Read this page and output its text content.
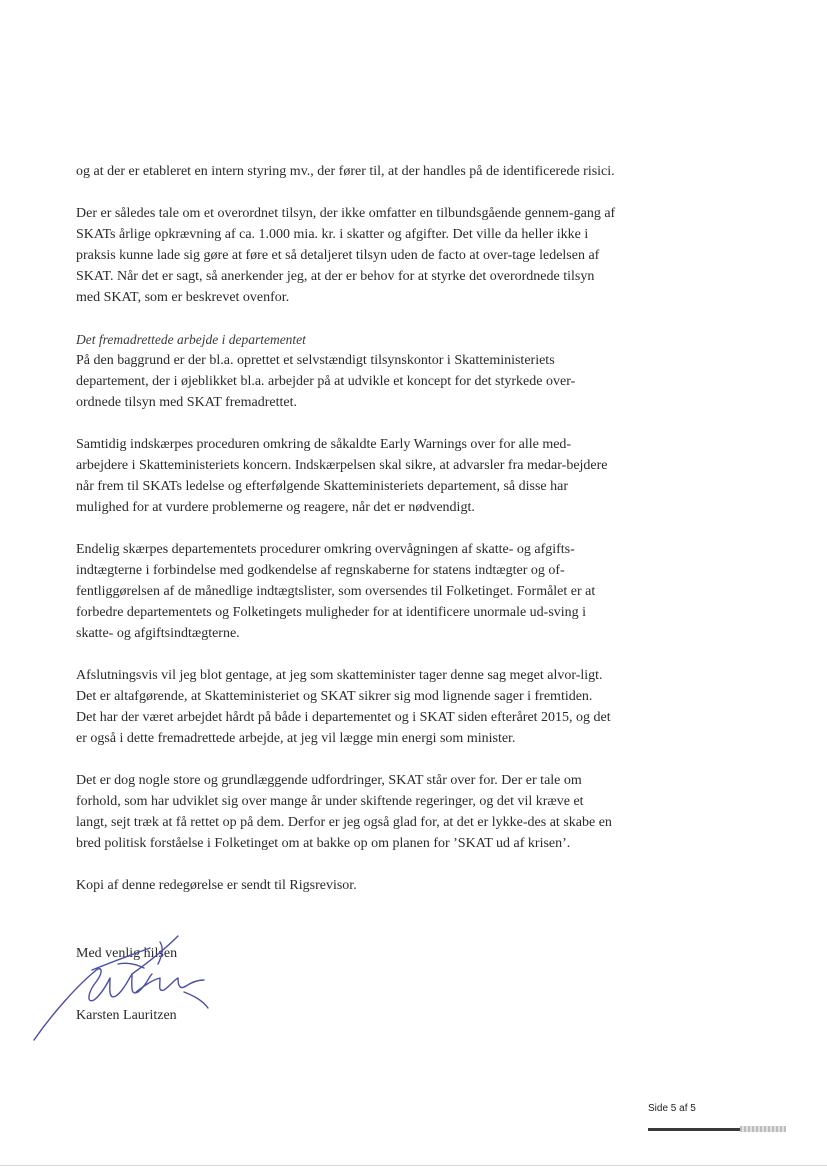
og at der er etableret en intern styring mv., der fører til, at der handles på de identificerede risici.

Der er således tale om et overordnet tilsyn, der ikke omfatter en tilbundsgående gennem-gang af SKATs årlige opkrævning af ca. 1.000 mia. kr. i skatter og afgifter. Det ville da heller ikke i praksis kunne lade sig gøre at føre et så detaljeret tilsyn uden de facto at over-tage ledelsen af SKAT. Når det er sagt, så anerkender jeg, at der er behov for at styrke det overordnede tilsyn med SKAT, som er beskrevet ovenfor.

Det fremadrettede arbejde i departementet

På den baggrund er der bl.a. oprettet et selvstændigt tilsynskontor i Skatteministeriets departement, der i øjeblikket bl.a. arbejder på at udvikle et koncept for det styrkede over-ordnede tilsyn med SKAT fremadrettet.

Samtidig indskærpes proceduren omkring de såkaldte Early Warnings over for alle med-arbejdere i Skatteministeriets koncern. Indskærpelsen skal sikre, at advarsler fra medar-bejdere når frem til SKATs ledelse og efterfølgende Skatteministeriets departement, så disse har mulighed for at vurdere problemerne og reagere, når det er nødvendigt.

Endelig skærpes departementets procedurer omkring overvågningen af skatte- og afgifts-indtægterne i forbindelse med godkendelse af regnskaberne for statens indtægter og of-fentliggørelsen af de månedlige indtægtslister, som oversendes til Folketinget. Formålet er at forbedre departementets og Folketingets muligheder for at identificere unormale ud-sving i skatte- og afgiftsindtægterne.

Afslutningsvis vil jeg blot gentage, at jeg som skatteminister tager denne sag meget alvor-ligt. Det er altafgørende, at Skatteministeriet og SKAT sikrer sig mod lignende sager i fremtiden. Det har der været arbejdet hårdt på både i departementet og i SKAT siden efteråret 2015, og det er også i dette fremadrettede arbejde, at jeg vil lægge min energi som minister.

Det er dog nogle store og grundlæggende udfordringer, SKAT står over for. Der er tale om forhold, som har udviklet sig over mange år under skiftende regeringer, og det vil kræve et langt, sejt træk at få rettet op på dem. Derfor er jeg også glad for, at det er lykke-des at skabe en bred politisk forståelse i Folketinget om at bakke op om planen for ’SKAT ud af krisen’.

Kopi af denne redegørelse er sendt til Rigsrevisor.

Med venlig hilsen

Karsten Lauritzen

Side 5 af 5
